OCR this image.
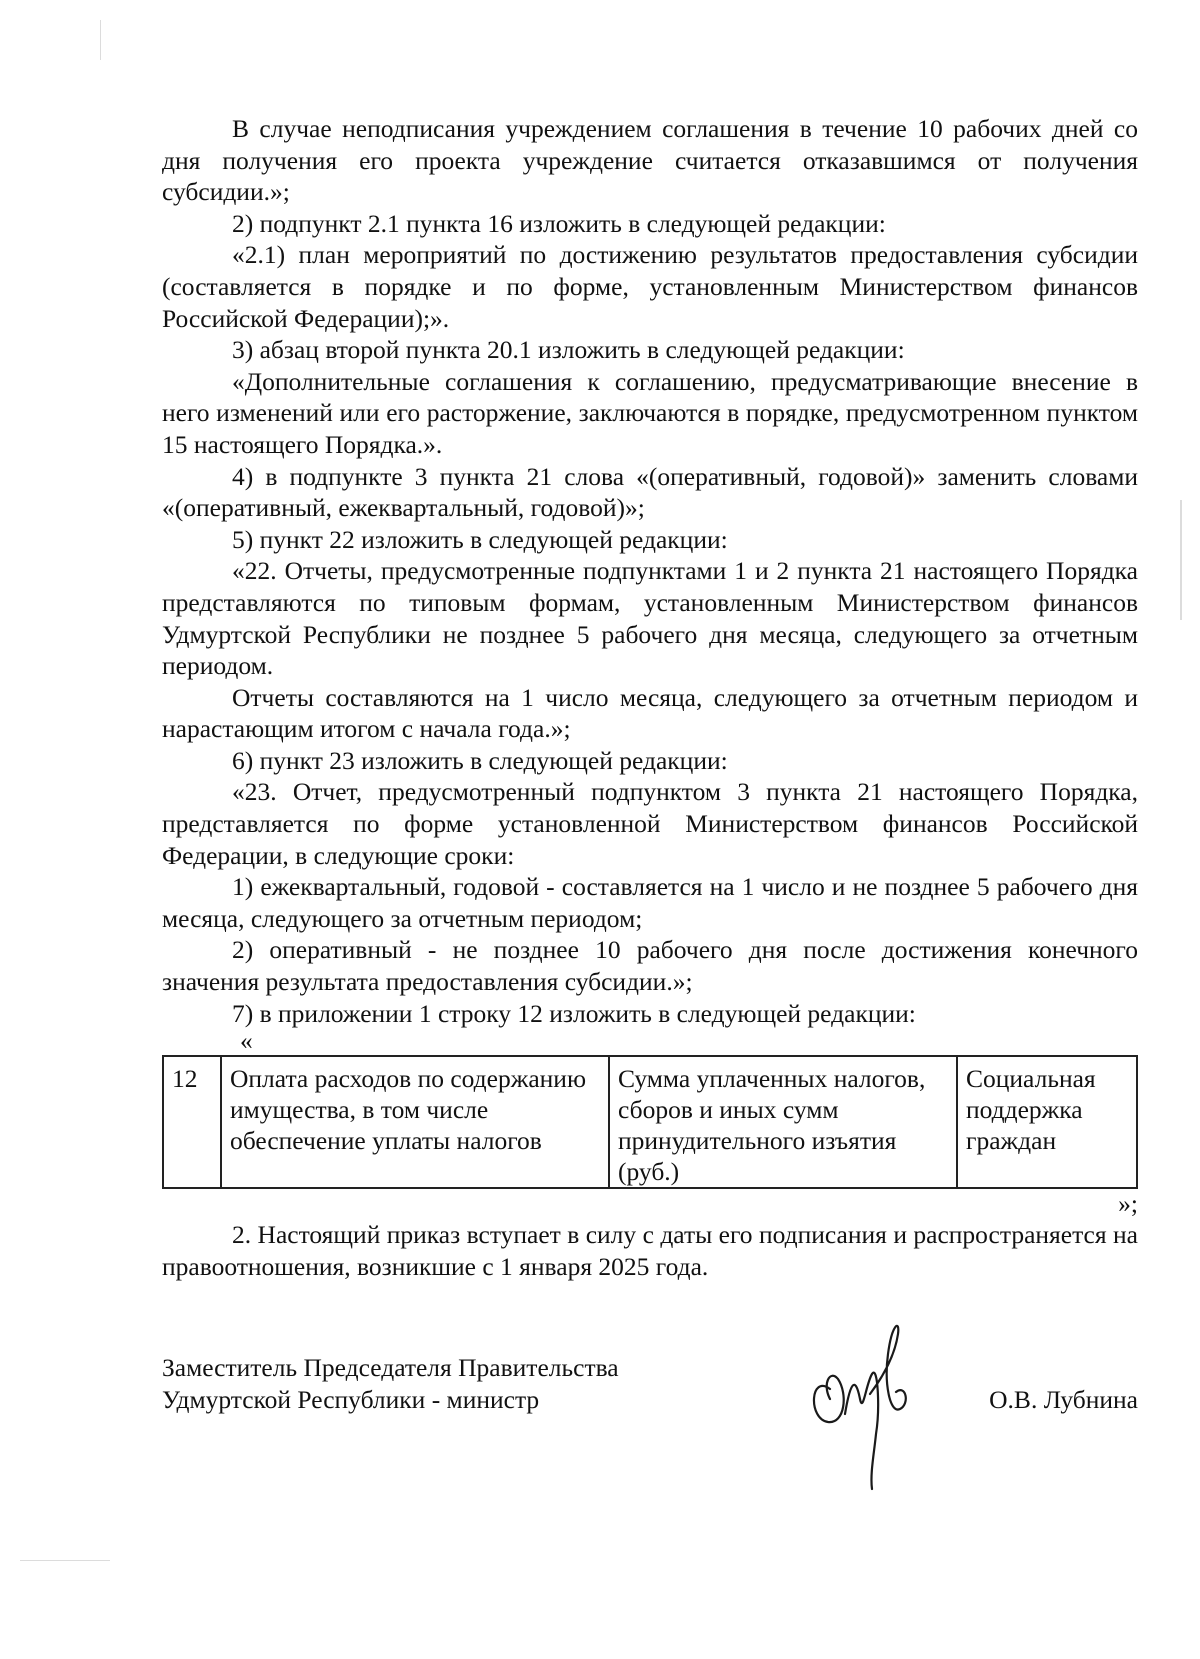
В случае неподписания учреждением соглашения в течение 10 рабочих дней со дня получения его проекта учреждение считается отказавшимся от получения субсидии.»;

2) подпункт 2.1 пункта 16 изложить в следующей редакции:

«2.1) план мероприятий по достижению результатов предоставления субсидии (составляется в порядке и по форме, установленным Министерством финансов Российской Федерации);».

3) абзац второй пункта 20.1 изложить в следующей редакции:

«Дополнительные соглашения к соглашению, предусматривающие внесение в него изменений или его расторжение, заключаются в порядке, предусмотренном пунктом 15 настоящего Порядка.».

4) в подпункте 3 пункта 21 слова «(оперативный, годовой)» заменить словами «(оперативный, ежеквартальный, годовой)»;

5) пункт 22 изложить в следующей редакции:

«22. Отчеты, предусмотренные подпунктами 1 и 2 пункта 21 настоящего Порядка представляются по типовым формам, установленным Министерством финансов Удмуртской Республики не позднее 5 рабочего дня месяца, следующего за отчетным периодом.

Отчеты составляются на 1 число месяца, следующего за отчетным периодом и нарастающим итогом с начала года.»;

6) пункт 23 изложить в следующей редакции:

«23. Отчет, предусмотренный подпунктом 3 пункта 21 настоящего Порядка, представляется по форме установленной Министерством финансов Российской Федерации, в следующие сроки:

1) ежеквартальный, годовой - составляется на 1 число и не позднее 5 рабочего дня месяца, следующего за отчетным периодом;

2) оперативный - не позднее 10 рабочего дня после достижения конечного значения результата предоставления субсидии.»;

7) в приложении 1 строку 12 изложить в следующей редакции:

«

12	Оплата расходов по содержанию имущества, в том числе обеспечение уплаты налогов	Сумма уплаченных налогов, сборов и иных сумм принудительного изъятия (руб.)	Социальная поддержка граждан

»;

2. Настоящий приказ вступает в силу с даты его подписания и распространяется на правоотношения, возникшие с 1 января 2025 года.

Заместитель Председателя Правительства
Удмуртской Республики - министр	О.В. Лубнина
